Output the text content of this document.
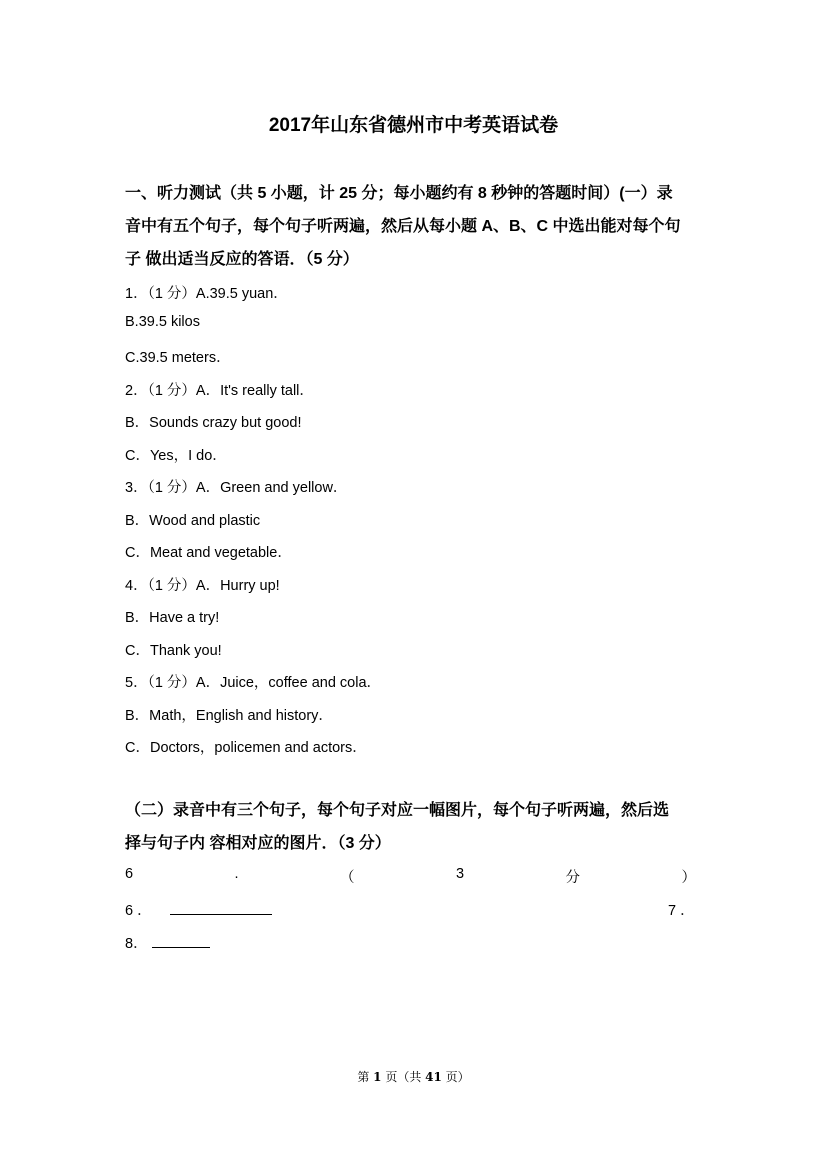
2017年山东省德州市中考英语试卷
一、听力测试（共 5 小题，计 25 分；每小题约有 8 秒钟的答题时间）(一）录
音中有五个句子，每个句子听两遍，然后从每小题 A、B、C 中选出能对每个句
子 做出适当反应的答语．（5 分）
1．（1 分）A.39.5 yuan．
B.39.5 kilos
C.39.5 meters．
2．（1 分）A．It's really tall．
B．Sounds crazy but good!
C．Yes，I do．
3．（1 分）A．Green and yellow．
B．Wood and plastic
C．Meat and vegetable．
4．（1 分）A．Hurry up!
B．Have a try!
C．Thank you!
5．（1 分）A．Juice，coffee and cola．
B．Math，English and history．
C．Doctors，policemen and actors．
（二）录音中有三个句子，每个句子对应一幅图片，每个句子听两遍，然后选
择与句子内 容相对应的图片．（3 分）
6	.	（	3	分	）
6 ．	7 ．
8．
第 1 页（共 41 页）
